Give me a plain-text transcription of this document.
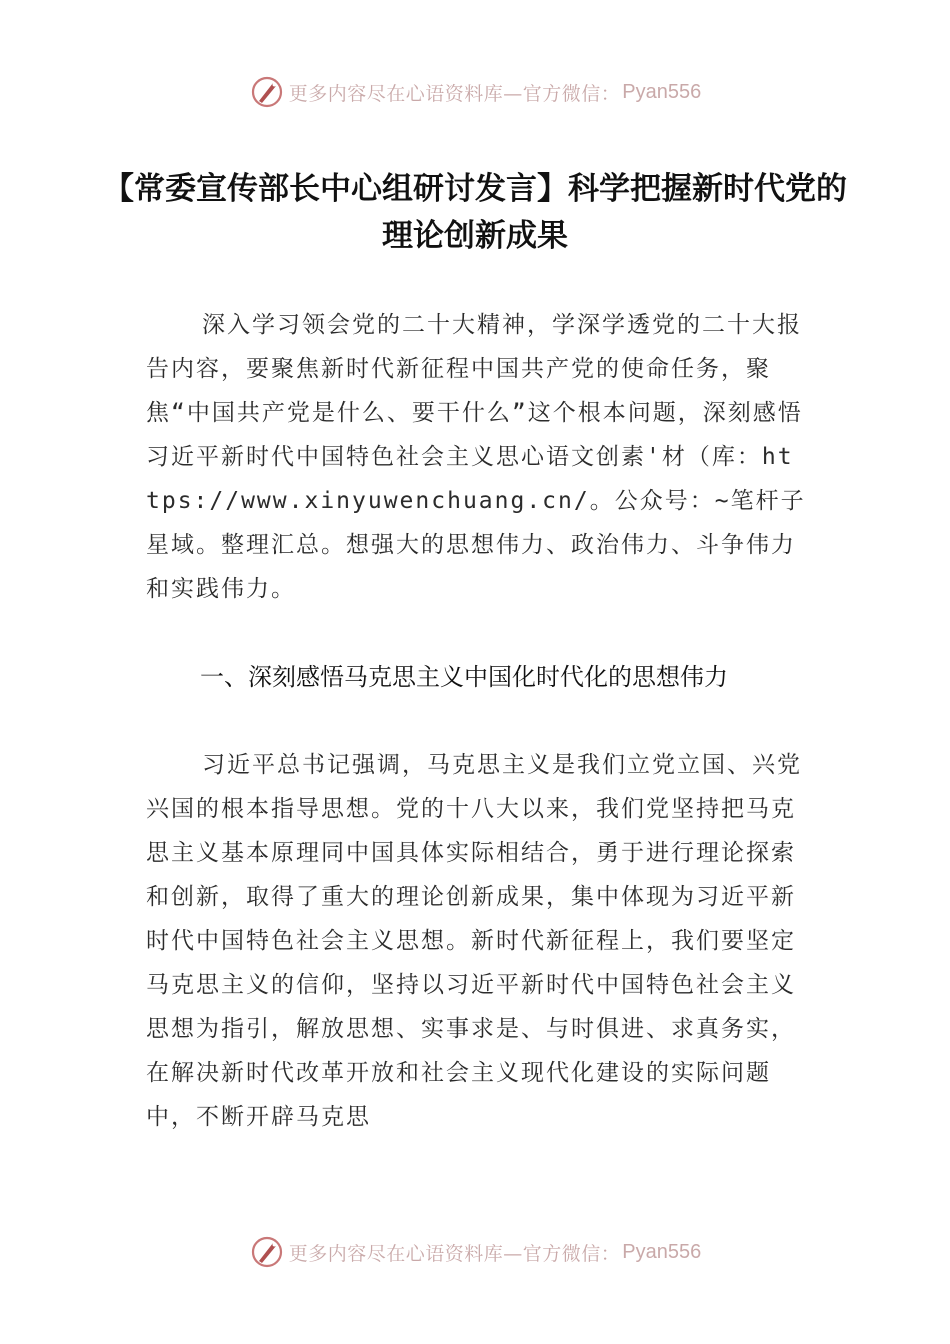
更多内容尽在心语资料库—官方微信： Pyan556
【常委宣传部长中心组研讨发言】科学把握新时代党的理论创新成果

深入学习领会党的二十大精神，学深学透党的二十大报告内容，要聚焦新时代新征程中国共产党的使命任务，聚焦“中国共产党是什么、要干什么”这个根本问题，深刻感悟习近平新时代中国特色社会主义思心语文创素'材（库：https://www.xinyuwenchuang.cn/。公众号：~笔杆子星域。整理汇总。想强大的思想伟力、政治伟力、斗争伟力和实践伟力。

一、深刻感悟马克思主义中国化时代化的思想伟力

习近平总书记强调，马克思主义是我们立党立国、兴党兴国的根本指导思想。党的十八大以来，我们党坚持把马克思主义基本原理同中国具体实际相结合，勇于进行理论探索和创新，取得了重大的理论创新成果，集中体现为习近平新时代中国特色社会主义思想。新时代新征程上，我们要坚定马克思主义的信仰，坚持以习近平新时代中国特色社会主义思想为指引，解放思想、实事求是、与时俱进、求真务实，在解决新时代改革开放和社会主义现代化建设的实际问题中，不断开辟马克思

更多内容尽在心语资料库—官方微信： Pyan556
